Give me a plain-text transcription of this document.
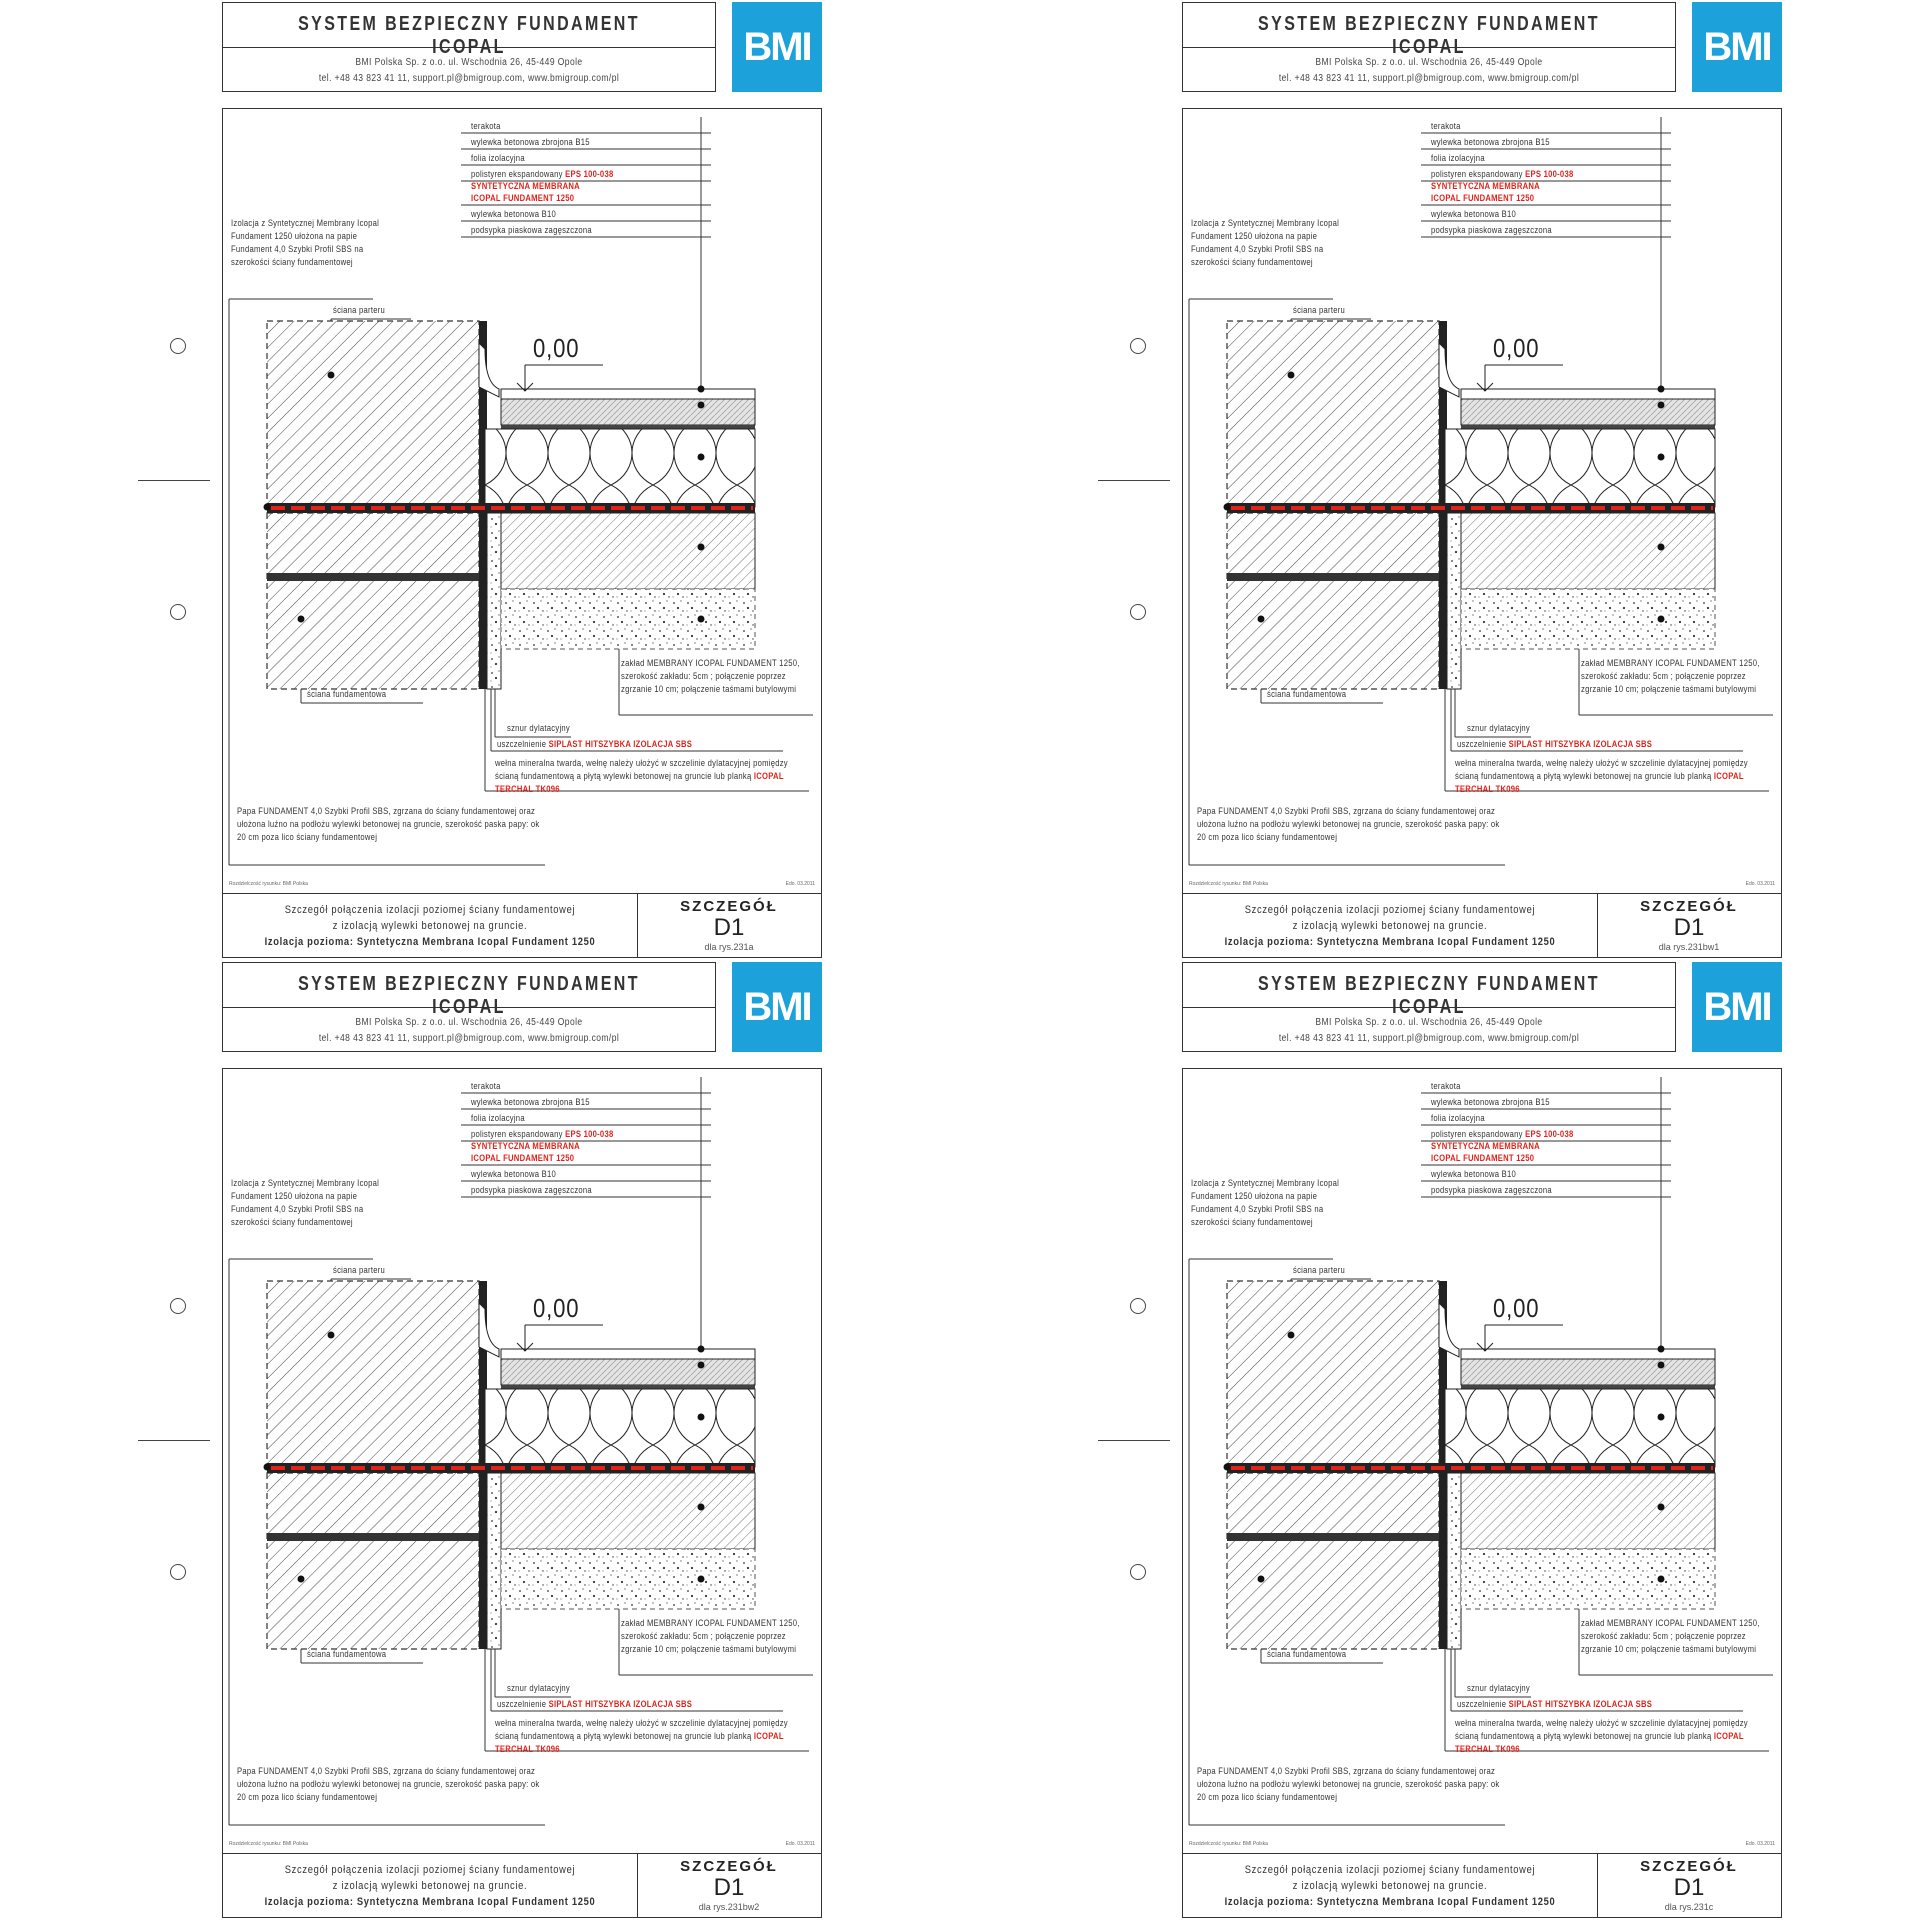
SYSTEM BEZPIECZNY FUNDAMENT ICOPAL
BMI Polska Sp. z o.o. ul. Wschodnia 26, 45-449 Opole
tel. +48 43 823 41 11, support.pl@bmigroup.com, www.bmigroup.com/pl
BMI
terakota
wylewka betonowa zbrojona B15
folia izolacyjna
polistyren ekspandowany EPS 100-038
SYNTETYCZNA MEMBRANA
ICOPAL FUNDAMENT 1250
wylewka betonowa B10
podsypka piaskowa zagęszczona
Izolacja z Syntetycznej Membrany Icopal Fundament 1250 ułożona na papie Fundament 4,0 Szybki Profil SBS na szerokości ściany fundamentowej
ściana parteru
0,00
ściana fundamentowa
zakład MEMBRANY ICOPAL FUNDAMENT 1250, szerokość zakładu: 5cm ; połączenie poprzez zgrzanie 10 cm; połączenie taśmami butylowymi
sznur dylatacyjny
uszczelnienie SIPLAST HITSZYBKA IZOLACJA SBS
wełna mineralna twarda, wełnę należy ułożyć w szczelinie dylatacyjnej pomiędzy ścianą fundamentową a płytą wylewki betonowej na gruncie lub planką ICOPAL TERCHAL TK096
Papa FUNDAMENT 4,0 Szybki Profil SBS, zgrzana do ściany fundamentowej oraz ułożona luźno na podłożu wylewki betonowej na gruncie, szerokość paska papy: ok 20 cm poza lico ściany fundamentowej
Rozdzielczość rysunku: BMI Polska	Edo. 03.2011
Szczegół połączenia izolacji poziomej ściany fundamentowej
z izolacją wylewki betonowej na gruncie.
Izolacja pozioma: Syntetyczna Membrana Icopal Fundament 1250
SZCZEGÓŁ
D1
dla rys.231a
SYSTEM BEZPIECZNY FUNDAMENT ICOPAL
BMI Polska Sp. z o.o. ul. Wschodnia 26, 45-449 Opole
tel. +48 43 823 41 11, support.pl@bmigroup.com, www.bmigroup.com/pl
BMI
terakota
wylewka betonowa zbrojona B15
folia izolacyjna
polistyren ekspandowany EPS 100-038
SYNTETYCZNA MEMBRANA
ICOPAL FUNDAMENT 1250
wylewka betonowa B10
podsypka piaskowa zagęszczona
Izolacja z Syntetycznej Membrany Icopal Fundament 1250 ułożona na papie Fundament 4,0 Szybki Profil SBS na szerokości ściany fundamentowej
ściana parteru
0,00
ściana fundamentowa
zakład MEMBRANY ICOPAL FUNDAMENT 1250, szerokość zakładu: 5cm ; połączenie poprzez zgrzanie 10 cm; połączenie taśmami butylowymi
sznur dylatacyjny
uszczelnienie SIPLAST HITSZYBKA IZOLACJA SBS
wełna mineralna twarda, wełnę należy ułożyć w szczelinie dylatacyjnej pomiędzy ścianą fundamentową a płytą wylewki betonowej na gruncie lub planką ICOPAL TERCHAL TK096
Papa FUNDAMENT 4,0 Szybki Profil SBS, zgrzana do ściany fundamentowej oraz ułożona luźno na podłożu wylewki betonowej na gruncie, szerokość paska papy: ok 20 cm poza lico ściany fundamentowej
Rozdzielczość rysunku: BMI Polska	Edo. 03.2011
Szczegół połączenia izolacji poziomej ściany fundamentowej
z izolacją wylewki betonowej na gruncie.
Izolacja pozioma: Syntetyczna Membrana Icopal Fundament 1250
SZCZEGÓŁ
D1
dla rys.231bw1
SYSTEM BEZPIECZNY FUNDAMENT ICOPAL
BMI Polska Sp. z o.o. ul. Wschodnia 26, 45-449 Opole
tel. +48 43 823 41 11, support.pl@bmigroup.com, www.bmigroup.com/pl
BMI
terakota
wylewka betonowa zbrojona B15
folia izolacyjna
polistyren ekspandowany EPS 100-038
SYNTETYCZNA MEMBRANA
ICOPAL FUNDAMENT 1250
wylewka betonowa B10
podsypka piaskowa zagęszczona
Izolacja z Syntetycznej Membrany Icopal Fundament 1250 ułożona na papie Fundament 4,0 Szybki Profil SBS na szerokości ściany fundamentowej
ściana parteru
0,00
ściana fundamentowa
zakład MEMBRANY ICOPAL FUNDAMENT 1250, szerokość zakładu: 5cm ; połączenie poprzez zgrzanie 10 cm; połączenie taśmami butylowymi
sznur dylatacyjny
uszczelnienie SIPLAST HITSZYBKA IZOLACJA SBS
wełna mineralna twarda, wełnę należy ułożyć w szczelinie dylatacyjnej pomiędzy ścianą fundamentową a płytą wylewki betonowej na gruncie lub planką ICOPAL TERCHAL TK096
Papa FUNDAMENT 4,0 Szybki Profil SBS, zgrzana do ściany fundamentowej oraz ułożona luźno na podłożu wylewki betonowej na gruncie, szerokość paska papy: ok 20 cm poza lico ściany fundamentowej
Rozdzielczość rysunku: BMI Polska	Edo. 03.2011
Szczegół połączenia izolacji poziomej ściany fundamentowej
z izolacją wylewki betonowej na gruncie.
Izolacja pozioma: Syntetyczna Membrana Icopal Fundament 1250
SZCZEGÓŁ
D1
dla rys.231bw2
SYSTEM BEZPIECZNY FUNDAMENT ICOPAL
BMI Polska Sp. z o.o. ul. Wschodnia 26, 45-449 Opole
tel. +48 43 823 41 11, support.pl@bmigroup.com, www.bmigroup.com/pl
BMI
terakota
wylewka betonowa zbrojona B15
folia izolacyjna
polistyren ekspandowany EPS 100-038
SYNTETYCZNA MEMBRANA
ICOPAL FUNDAMENT 1250
wylewka betonowa B10
podsypka piaskowa zagęszczona
Izolacja z Syntetycznej Membrany Icopal Fundament 1250 ułożona na papie Fundament 4,0 Szybki Profil SBS na szerokości ściany fundamentowej
ściana parteru
0,00
ściana fundamentowa
zakład MEMBRANY ICOPAL FUNDAMENT 1250, szerokość zakładu: 5cm ; połączenie poprzez zgrzanie 10 cm; połączenie taśmami butylowymi
sznur dylatacyjny
uszczelnienie SIPLAST HITSZYBKA IZOLACJA SBS
wełna mineralna twarda, wełnę należy ułożyć w szczelinie dylatacyjnej pomiędzy ścianą fundamentową a płytą wylewki betonowej na gruncie lub planką ICOPAL TERCHAL TK096
Papa FUNDAMENT 4,0 Szybki Profil SBS, zgrzana do ściany fundamentowej oraz ułożona luźno na podłożu wylewki betonowej na gruncie, szerokość paska papy: ok 20 cm poza lico ściany fundamentowej
Rozdzielczość rysunku: BMI Polska	Edo. 03.2011
Szczegół połączenia izolacji poziomej ściany fundamentowej
z izolacją wylewki betonowej na gruncie.
Izolacja pozioma: Syntetyczna Membrana Icopal Fundament 1250
SZCZEGÓŁ
D1
dla rys.231c
